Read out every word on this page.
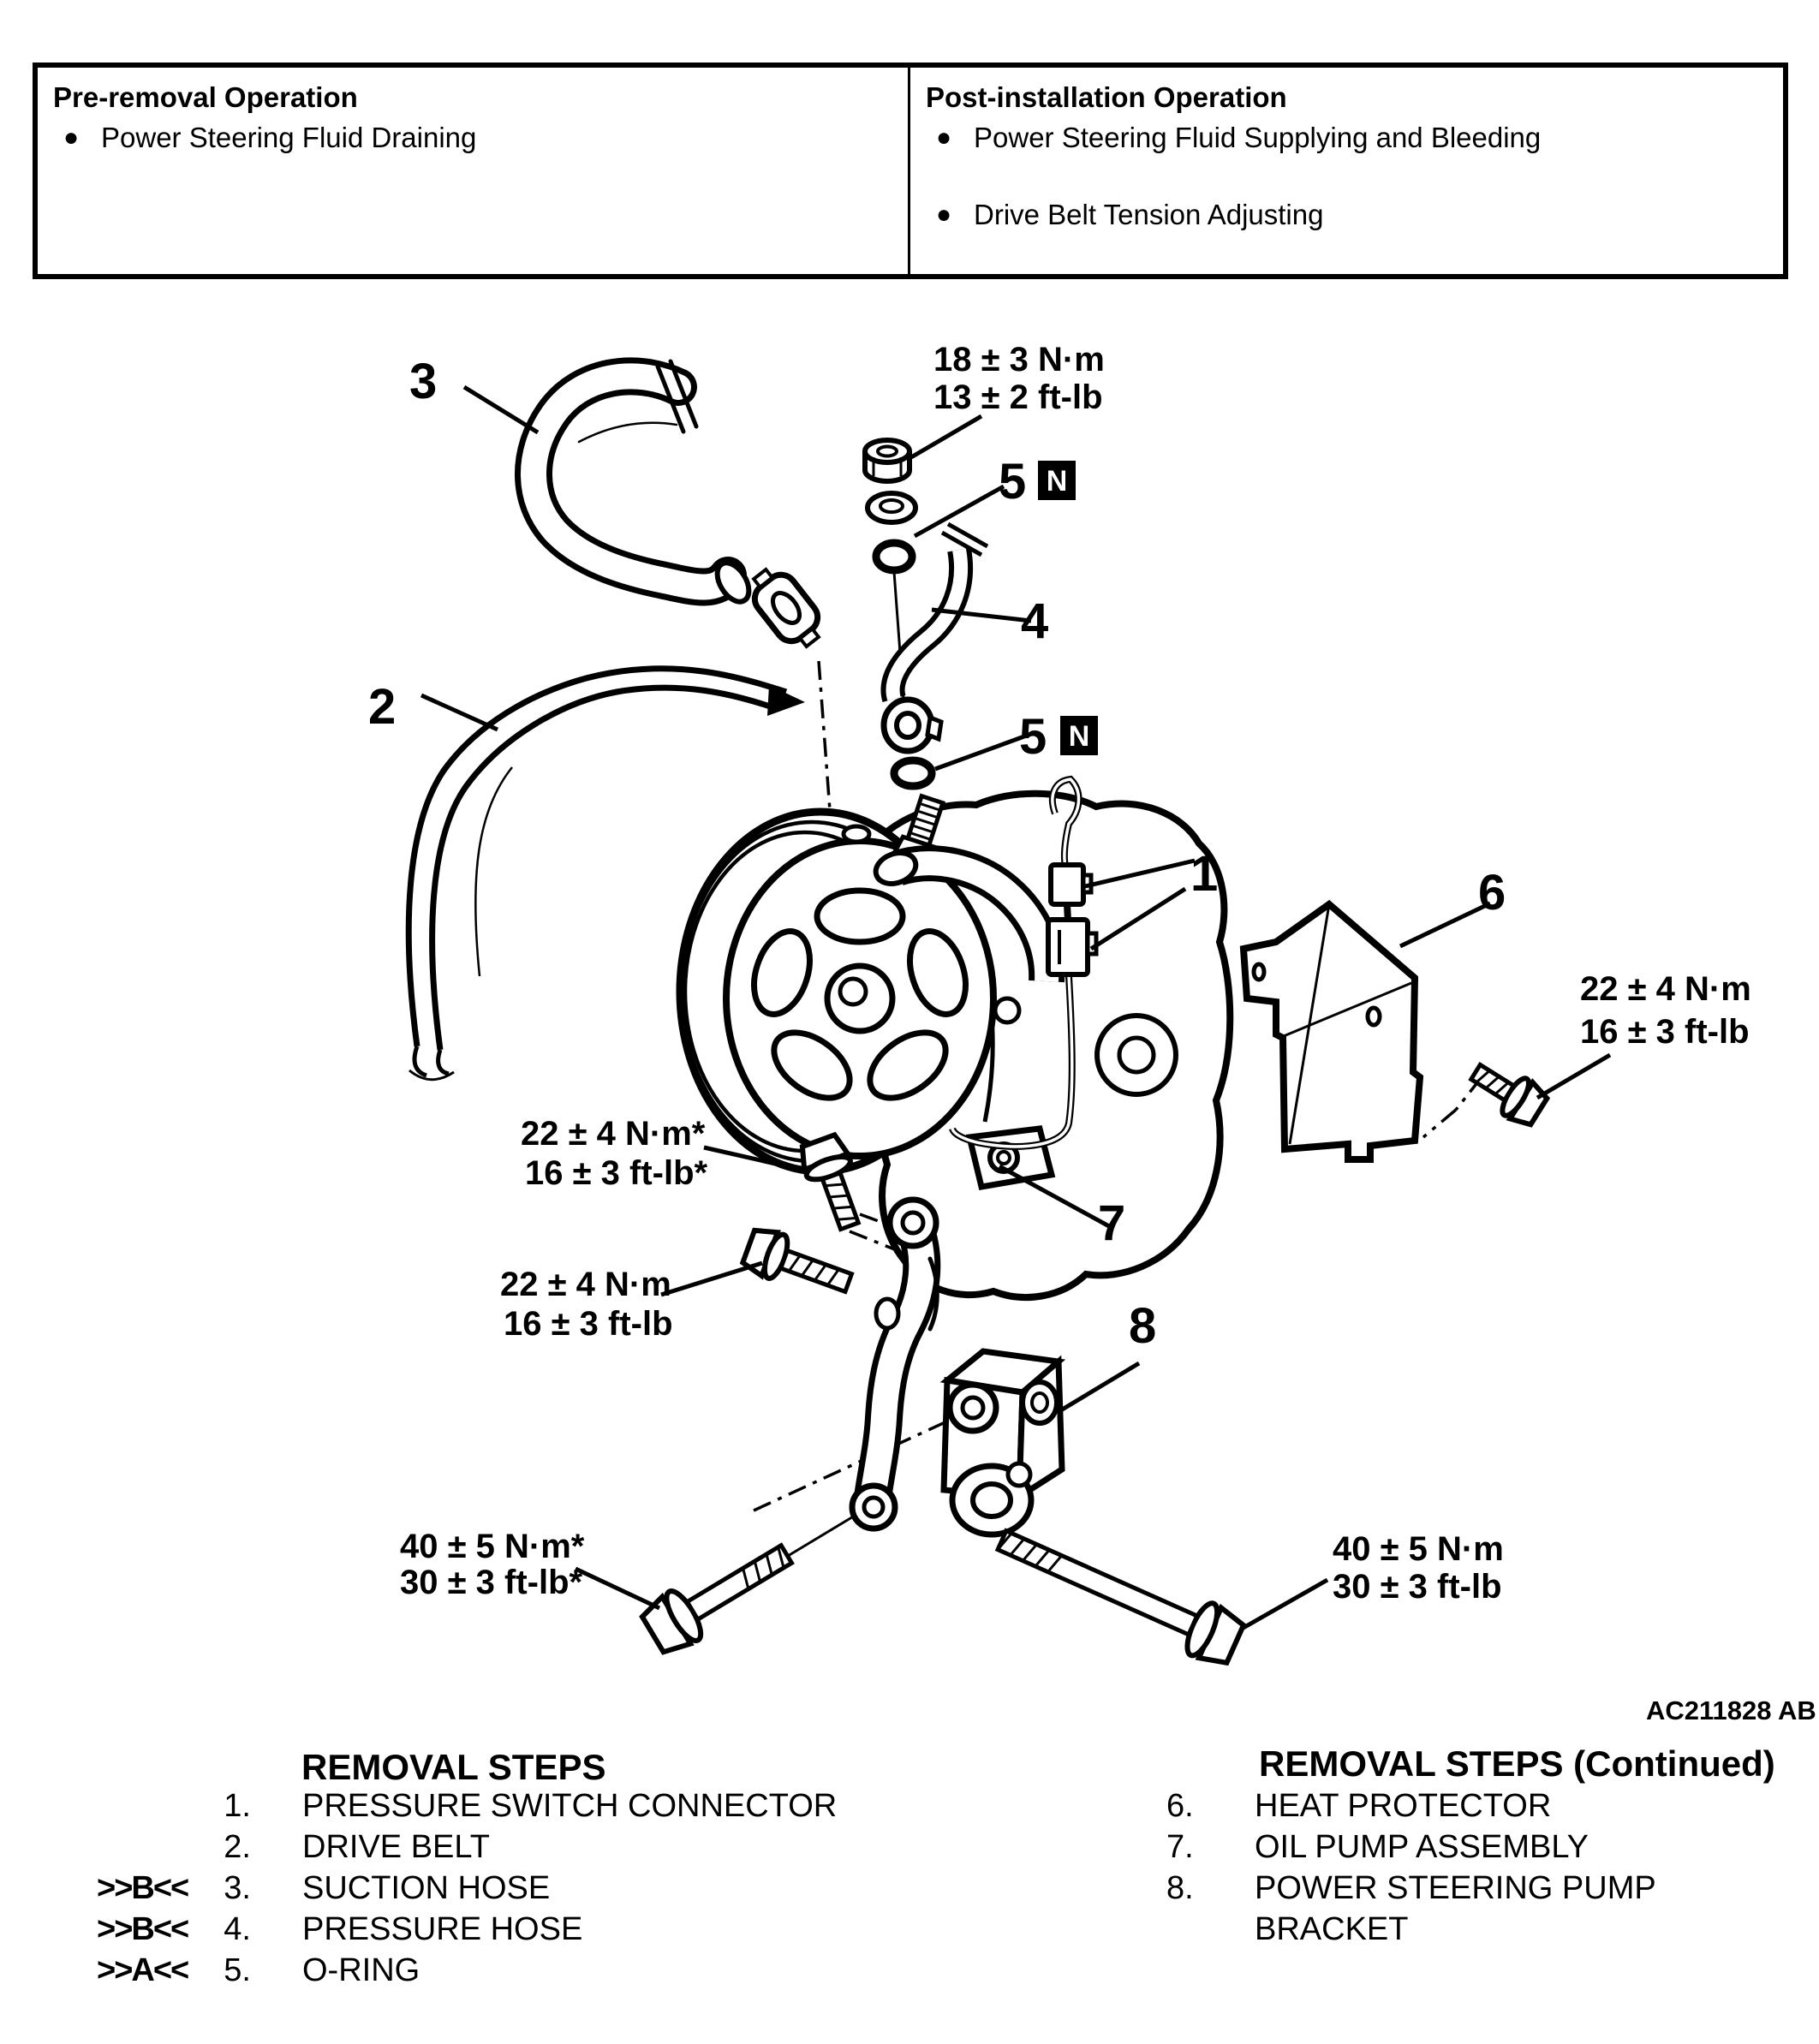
Pre-removal Operation
● Power Steering Fluid Draining
Post-installation Operation
● Power Steering Fluid Supplying and Bleeding
● Drive Belt Tension Adjusting
3
2
1
4
6
7
8
5 N
5 N
18 ± 3 N·m
13 ± 2 ft-lb
22 ± 4 N·m*
16 ± 3 ft-lb*
22 ± 4 N·m
16 ± 3 ft-lb
22 ± 4 N·m
16 ± 3 ft-lb
40 ± 5 N·m*
30 ± 3 ft-lb*
40 ± 5 N·m
30 ± 3 ft-lb
AC211828 AB
REMOVAL STEPS
1. PRESSURE SWITCH CONNECTOR
2. DRIVE BELT
>>B<< 3. SUCTION HOSE
>>B<< 4. PRESSURE HOSE
>>A<< 5. O-RING
REMOVAL STEPS (Continued)
6. HEAT PROTECTOR
7. OIL PUMP ASSEMBLY
8. POWER STEERING PUMP BRACKET
